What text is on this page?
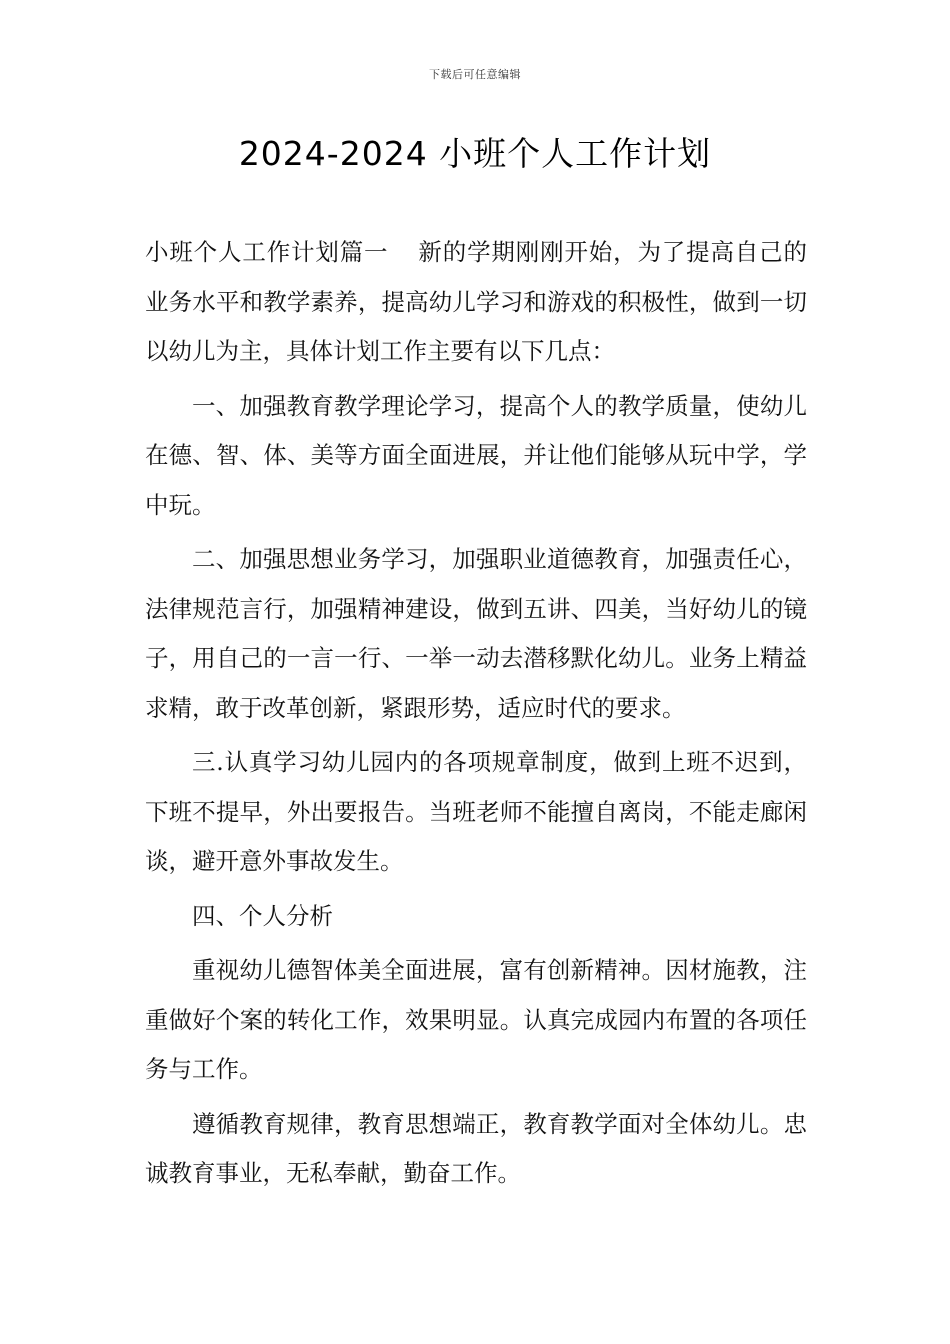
下载后可任意编辑
2024-2024 小班个人工作计划

小班个人工作计划篇一 新的学期刚刚开始，为了提高自己的业务水平和教学素养，提高幼儿学习和游戏的积极性，做到一切以幼儿为主，具体计划工作主要有以下几点：

一、加强教育教学理论学习，提高个人的教学质量，使幼儿在德、智、体、美等方面全面进展，并让他们能够从玩中学，学中玩。

二、加强思想业务学习，加强职业道德教育，加强责任心，法律规范言行，加强精神建设，做到五讲、四美，当好幼儿的镜子，用自己的一言一行、一举一动去潜移默化幼儿。业务上精益求精，敢于改革创新，紧跟形势，适应时代的要求。

三.认真学习幼儿园内的各项规章制度，做到上班不迟到，下班不提早，外出要报告。当班老师不能擅自离岗，不能走廊闲谈，避开意外事故发生。

四、个人分析

重视幼儿德智体美全面进展，富有创新精神。因材施教，注重做好个案的转化工作，效果明显。认真完成园内布置的各项任务与工作。

遵循教育规律，教育思想端正，教育教学面对全体幼儿。忠诚教育事业，无私奉献，勤奋工作。
